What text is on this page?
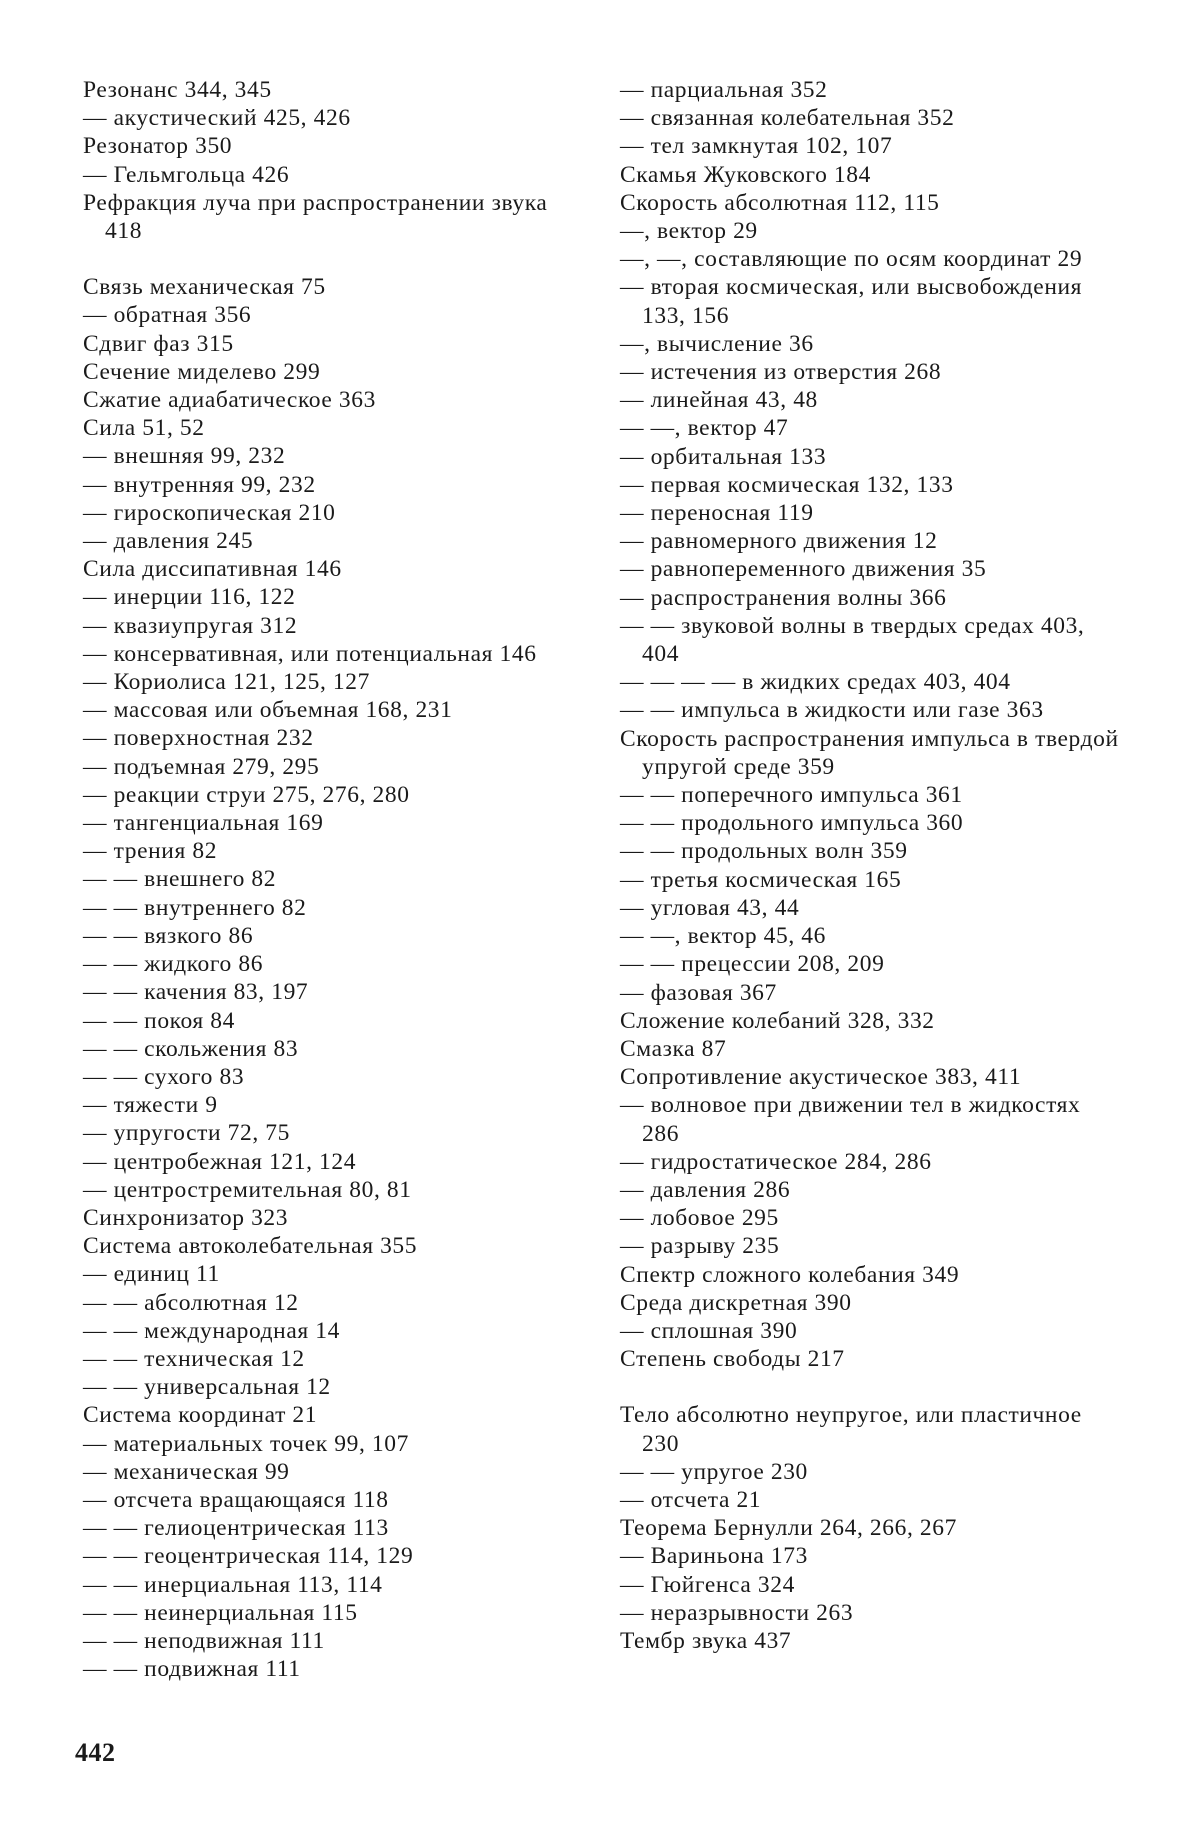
Резонанс 344, 345
— акустический 425, 426
Резонатор 350
— Гельмгольца 426
Рефракция луча при распространении звука 418
Связь механическая 75
— обратная 356
Сдвиг фаз 315
Сечение миделево 299
Сжатие адиабатическое 363
Сила 51, 52
— внешняя 99, 232
— внутренняя 99, 232
— гироскопическая 210
— давления 245
Сила диссипативная 146
— инерции 116, 122
— квазиупругая 312
— консервативная, или потенциальная 146
— Кориолиса 121, 125, 127
— массовая или объемная 168, 231
— поверхностная 232
— подъемная 279, 295
— реакции струи 275, 276, 280
— тангенциальная 169
— трения 82
— — внешнего 82
— — внутреннего 82
— — вязкого 86
— — жидкого 86
— — качения 83, 197
— — покоя 84
— — скольжения 83
— — сухого 83
— тяжести 9
— упругости 72, 75
— центробежная 121, 124
— центростремительная 80, 81
Синхронизатор 323
Система автоколебательная 355
— единиц 11
— — абсолютная 12
— — международная 14
— — техническая 12
— — универсальная 12
Система координат 21
— материальных точек 99, 107
— механическая 99
— отсчета вращающаяся 118
— — гелиоцентрическая 113
— — геоцентрическая 114, 129
— — инерциальная 113, 114
— — неинерциальная 115
— — неподвижная 111
— — подвижная 111
— парциальная 352
— связанная колебательная 352
— тел замкнутая 102, 107
Скамья Жуковского 184
Скорость абсолютная 112, 115
—, вектор 29
—, —, составляющие по осям координат 29
— вторая космическая, или высвобождения 133, 156
—, вычисление 36
— истечения из отверстия 268
— линейная 43, 48
— —, вектор 47
— орбитальная 133
— первая космическая 132, 133
— переносная 119
— равномерного движения 12
— равнопеременного движения 35
— распространения волны 366
— — звуковой волны в твердых средах 403, 404
— — — — в жидких средах 403, 404
— — импульса в жидкости или газе 363
Скорость распространения импульса в твердой упругой среде 359
— — поперечного импульса 361
— — продольного импульса 360
— — продольных волн 359
— третья космическая 165
— угловая 43, 44
— —, вектор 45, 46
— — прецессии 208, 209
— фазовая 367
Сложение колебаний 328, 332
Смазка 87
Сопротивление акустическое 383, 411
— волновое при движении тел в жидкостях 286
— гидростатическое 284, 286
— давления 286
— лобовое 295
— разрыву 235
Спектр сложного колебания 349
Среда дискретная 390
— сплошная 390
Степень свободы 217
Тело абсолютно неупругое, или пластичное 230
— — упругое 230
— отсчета 21
Теорема Бернулли 264, 266, 267
— Вариньона 173
— Гюйгенса 324
— неразрывности 263
Тембр звука 437
442
